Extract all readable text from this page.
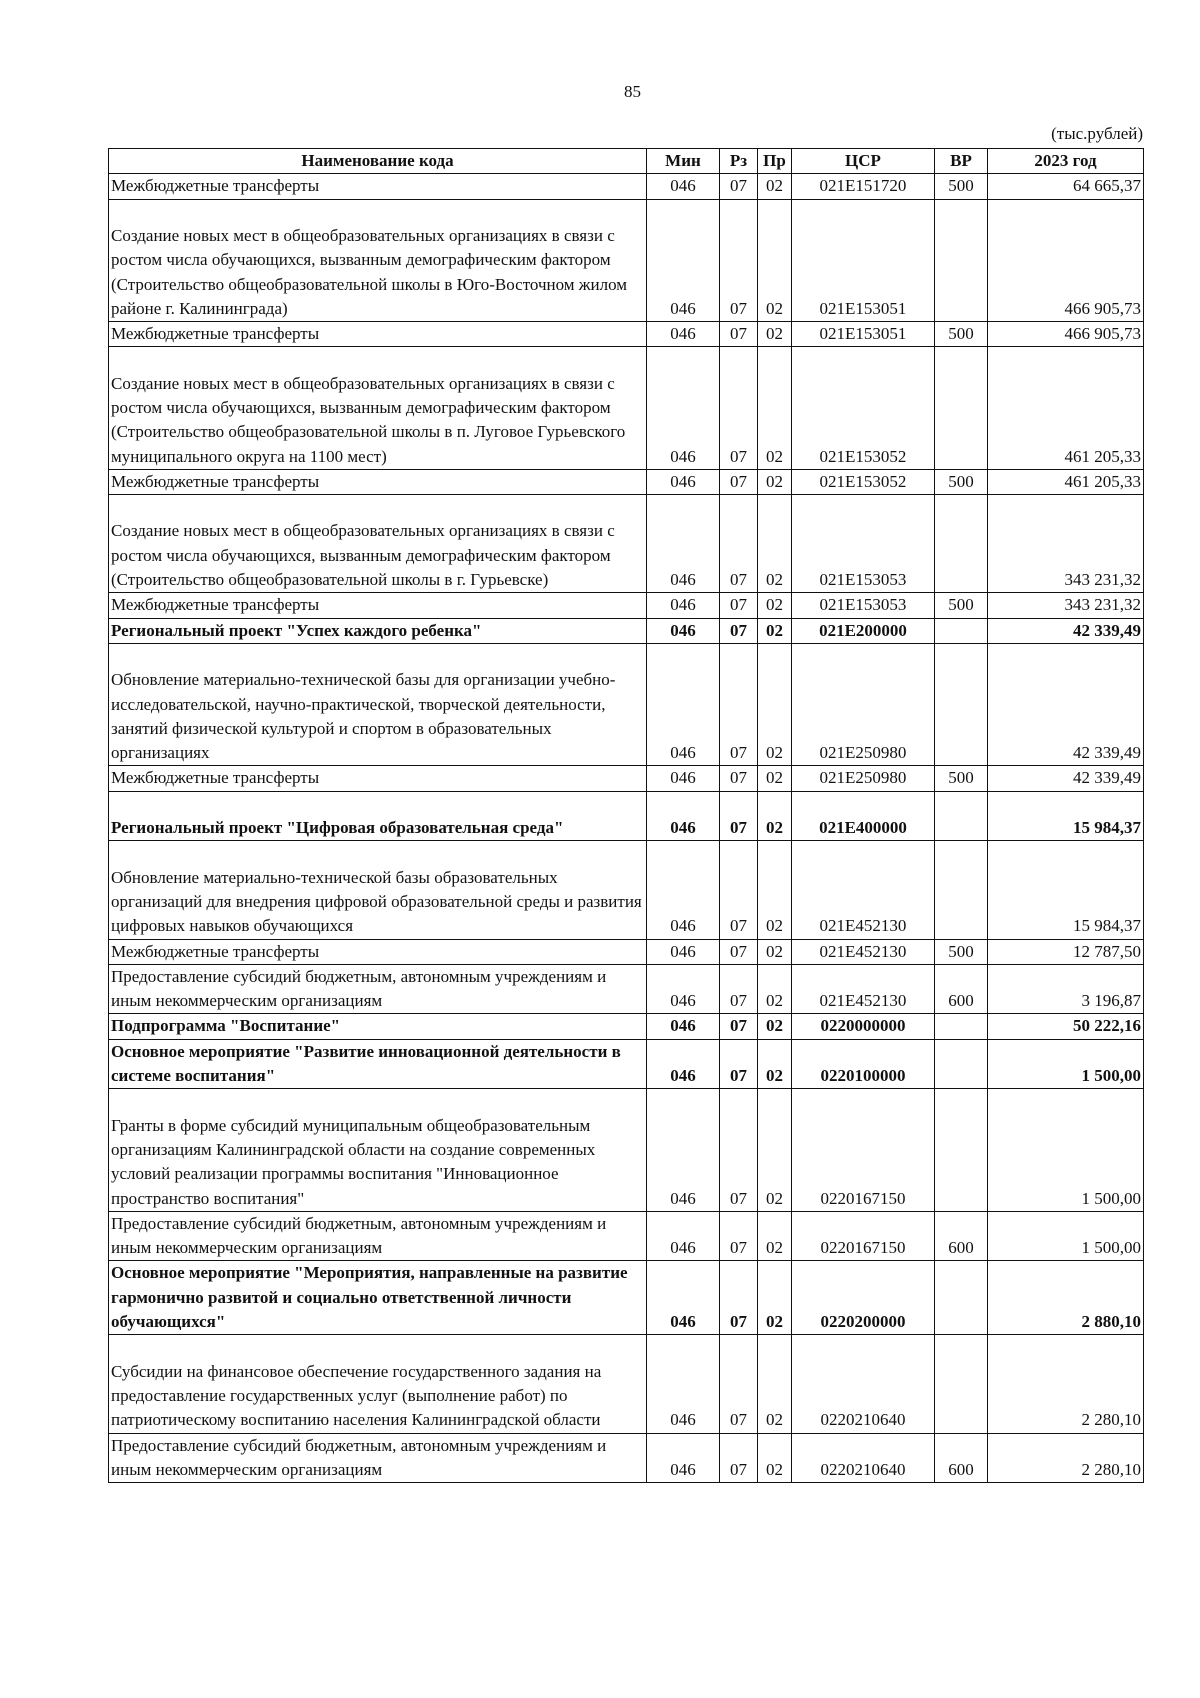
85
(тыс.рублей)
Наименование кода	Мин	Рз	Пр	ЦСР	ВР	2023 год
Межбюджетные трансферты	046	07	02	021E151720	500	64 665,37
Создание новых мест в общеобразовательных организациях в связи с ростом числа обучающихся, вызванным демографическим фактором (Строительство общеобразовательной школы в Юго-Восточном жилом районе г. Калининграда)	046	07	02	021E153051		466 905,73
Межбюджетные трансферты	046	07	02	021E153051	500	466 905,73
Создание новых мест в общеобразовательных организациях в связи с ростом числа обучающихся, вызванным демографическим фактором (Строительство общеобразовательной школы в п. Луговое Гурьевского муниципального округа на 1100 мест)	046	07	02	021E153052		461 205,33
Межбюджетные трансферты	046	07	02	021E153052	500	461 205,33
Создание новых мест в общеобразовательных организациях в связи с ростом числа обучающихся, вызванным демографическим фактором (Строительство общеобразовательной школы в г. Гурьевске)	046	07	02	021E153053		343 231,32
Межбюджетные трансферты	046	07	02	021E153053	500	343 231,32
Региональный проект "Успех каждого ребенка"	046	07	02	021E200000		42 339,49
Обновление материально-технической базы для организации учебно-исследовательской, научно-практической, творческой деятельности, занятий физической культурой и спортом в образовательных организациях	046	07	02	021E250980		42 339,49
Межбюджетные трансферты	046	07	02	021E250980	500	42 339,49
Региональный проект "Цифровая образовательная среда"	046	07	02	021E400000		15 984,37
Обновление материально-технической базы образовательных организаций для внедрения цифровой образовательной среды и развития цифровых навыков обучающихся	046	07	02	021E452130		15 984,37
Межбюджетные трансферты	046	07	02	021E452130	500	12 787,50
Предоставление субсидий бюджетным, автономным учреждениям и иным некоммерческим организациям	046	07	02	021E452130	600	3 196,87
Подпрограмма "Воспитание"	046	07	02	0220000000		50 222,16
Основное мероприятие "Развитие инновационной деятельности в системе воспитания"	046	07	02	0220100000		1 500,00
Гранты в форме субсидий муниципальным общеобразовательным организациям Калининградской области на создание современных условий реализации программы воспитания "Инновационное пространство воспитания"	046	07	02	0220167150		1 500,00
Предоставление субсидий бюджетным, автономным учреждениям и иным некоммерческим организациям	046	07	02	0220167150	600	1 500,00
Основное мероприятие "Мероприятия, направленные на развитие гармонично развитой и социально ответственной личности обучающихся"	046	07	02	0220200000		2 880,10
Субсидии на финансовое обеспечение государственного задания на предоставление государственных услуг (выполнение работ) по патриотическому воспитанию населения Калининградской области	046	07	02	0220210640		2 280,10
Предоставление субсидий бюджетным, автономным учреждениям и иным некоммерческим организациям	046	07	02	0220210640	600	2 280,10
